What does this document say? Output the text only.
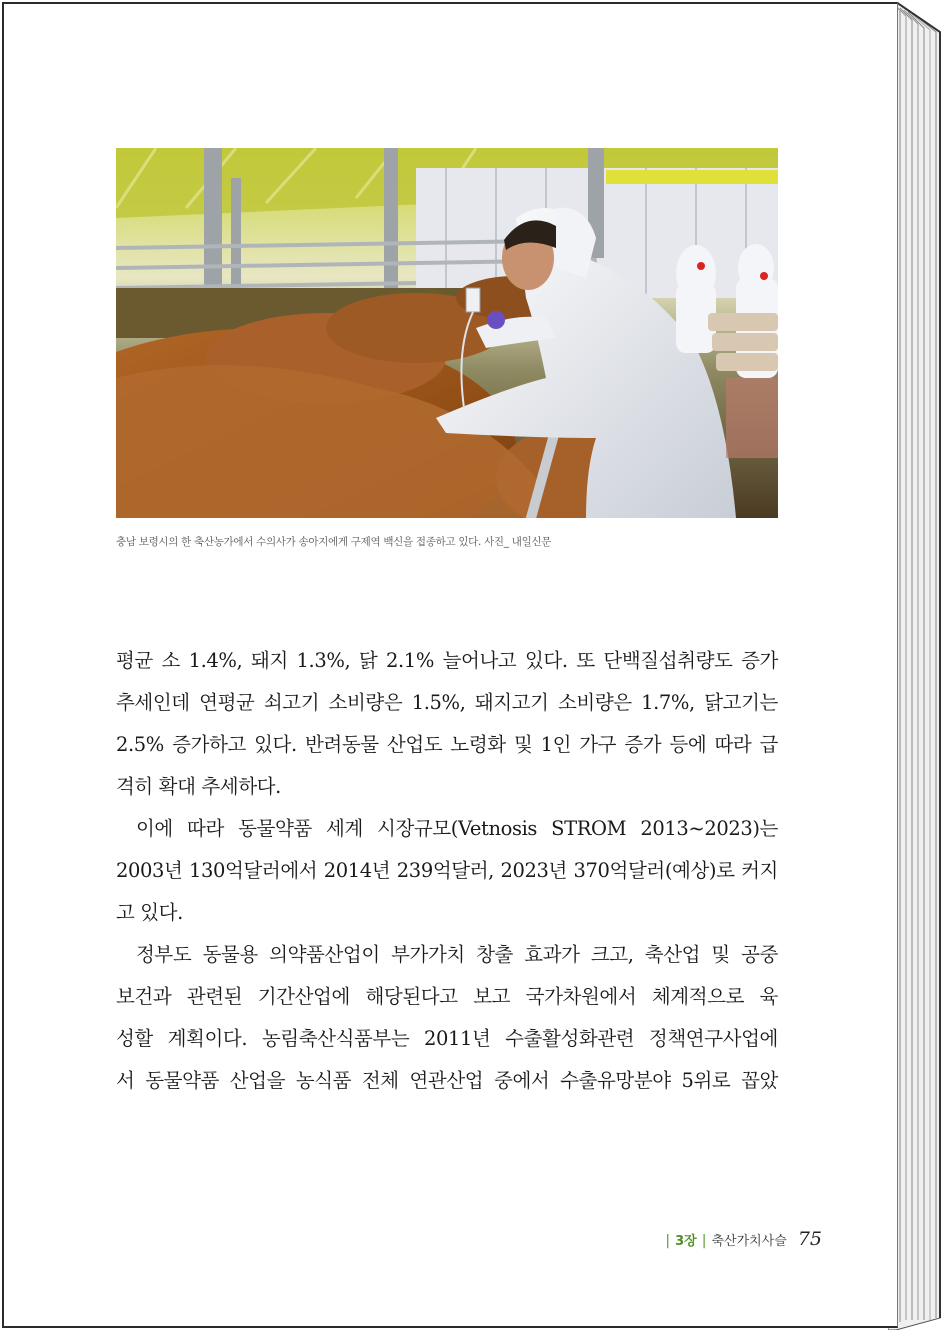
충남 보령시의 한 축산농가에서 수의사가 송아지에게 구제역 백신을 접종하고 있다. 사진_ 내일신문
평균 소 1.4%, 돼지 1.3%, 닭 2.1% 늘어나고 있다. 또 단백질섭취량도 증가
추세인데 연평균 쇠고기 소비량은 1.5%, 돼지고기 소비량은 1.7%, 닭고기는
2.5% 증가하고 있다. 반려동물 산업도 노령화 및 1인 가구 증가 등에 따라 급
격히 확대 추세하다.
이에 따라 동물약품 세계 시장규모(Vetnosis STROM 2013~2023)는
2003년 130억달러에서 2014년 239억달러, 2023년 370억달러(예상)로 커지
고 있다.
정부도 동물용 의약품산업이 부가가치 창출 효과가 크고, 축산업 및 공중
보건과 관련된 기간산업에 해당된다고 보고 국가차원에서 체계적으로 육
성할 계획이다. 농림축산식품부는 2011년 수출활성화관련 정책연구사업에
서 동물약품 산업을 농식품 전체 연관산업 중에서 수출유망분야 5위로 꼽았
| 3장 | 축산가치사슬 75
